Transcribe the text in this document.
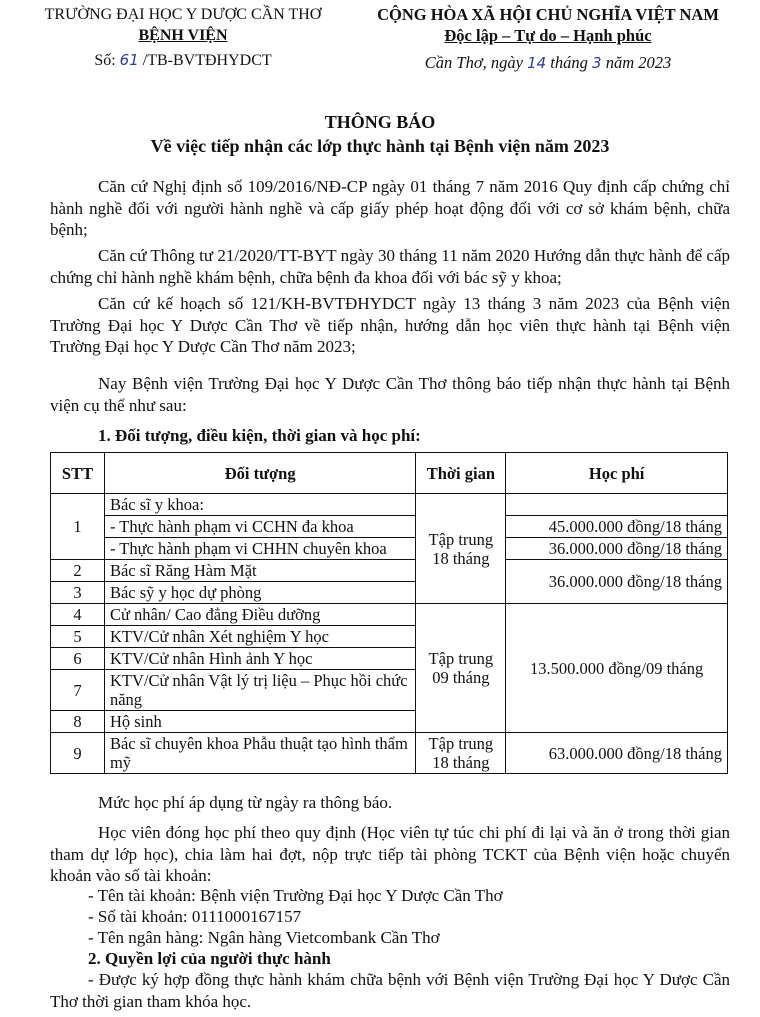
TRƯỜNG ĐẠI HỌC Y DƯỢC CẦN THƠ
BỆNH VIỆN
Số: 61 /TB-BVTĐHYDCT
CỘNG HÒA XÃ HỘI CHỦ NGHĨA VIỆT NAM
Độc lập – Tự do – Hạnh phúc
Cần Thơ, ngày 14 tháng 3 năm 2023
THÔNG BÁO
Về việc tiếp nhận các lớp thực hành tại Bệnh viện năm 2023
Căn cứ Nghị định số 109/2016/NĐ-CP ngày 01 tháng 7 năm 2016 Quy định cấp chứng chỉ hành nghề đối với người hành nghề và cấp giấy phép hoạt động đối với cơ sở khám bệnh, chữa bệnh;
Căn cứ Thông tư 21/2020/TT-BYT ngày 30 tháng 11 năm 2020 Hướng dẫn thực hành để cấp chứng chỉ hành nghề khám bệnh, chữa bệnh đa khoa đối với bác sỹ y khoa;
Căn cứ kế hoạch số 121/KH-BVTĐHYDCT ngày 13 tháng 3 năm 2023 của Bệnh viện Trường Đại học Y Dược Cần Thơ về tiếp nhận, hướng dẫn học viên thực hành tại Bệnh viện Trường Đại học Y Dược Cần Thơ năm 2023;
Nay Bệnh viện Trường Đại học Y Dược Cần Thơ thông báo tiếp nhận thực hành tại Bệnh viện cụ thể như sau:
1. Đối tượng, điều kiện, thời gian và học phí:
STT	Đối tượng	Thời gian	Học phí
1	Bác sĩ y khoa:	Tập trung 18 tháng	
	- Thực hành phạm vi CCHN đa khoa		45.000.000 đồng/18 tháng
	- Thực hành phạm vi CHHN chuyên khoa		36.000.000 đồng/18 tháng
2	Bác sĩ Răng Hàm Mặt		36.000.000 đồng/18 tháng
3	Bác sỹ y học dự phòng		
4	Cử nhân/ Cao đẳng Điều dưỡng	Tập trung 09 tháng	13.500.000 đồng/09 tháng
5	KTV/Cử nhân Xét nghiệm Y học		
6	KTV/Cử nhân Hình ảnh Y học		
7	KTV/Cử nhân Vật lý trị liệu – Phục hồi chức năng		
8	Hộ sinh		
9	Bác sĩ chuyên khoa Phẫu thuật tạo hình thẩm mỹ	Tập trung 18 tháng	63.000.000 đồng/18 tháng
Mức học phí áp dụng từ ngày ra thông báo.
Học viên đóng học phí theo quy định (Học viên tự túc chi phí đi lại và ăn ở trong thời gian tham dự lớp học), chia làm hai đợt, nộp trực tiếp tài phòng TCKT của Bệnh viện hoặc chuyển khoản vào số tài khoản:
- Tên tài khoản: Bệnh viện Trường Đại học Y Dược Cần Thơ
- Số tài khoản: 0111000167157
- Tên ngân hàng: Ngân hàng Vietcombank Cần Thơ
2. Quyền lợi của người thực hành
- Được ký hợp đồng thực hành khám chữa bệnh với Bệnh viện Trường Đại học Y Dược Cần Thơ thời gian tham khóa học.
